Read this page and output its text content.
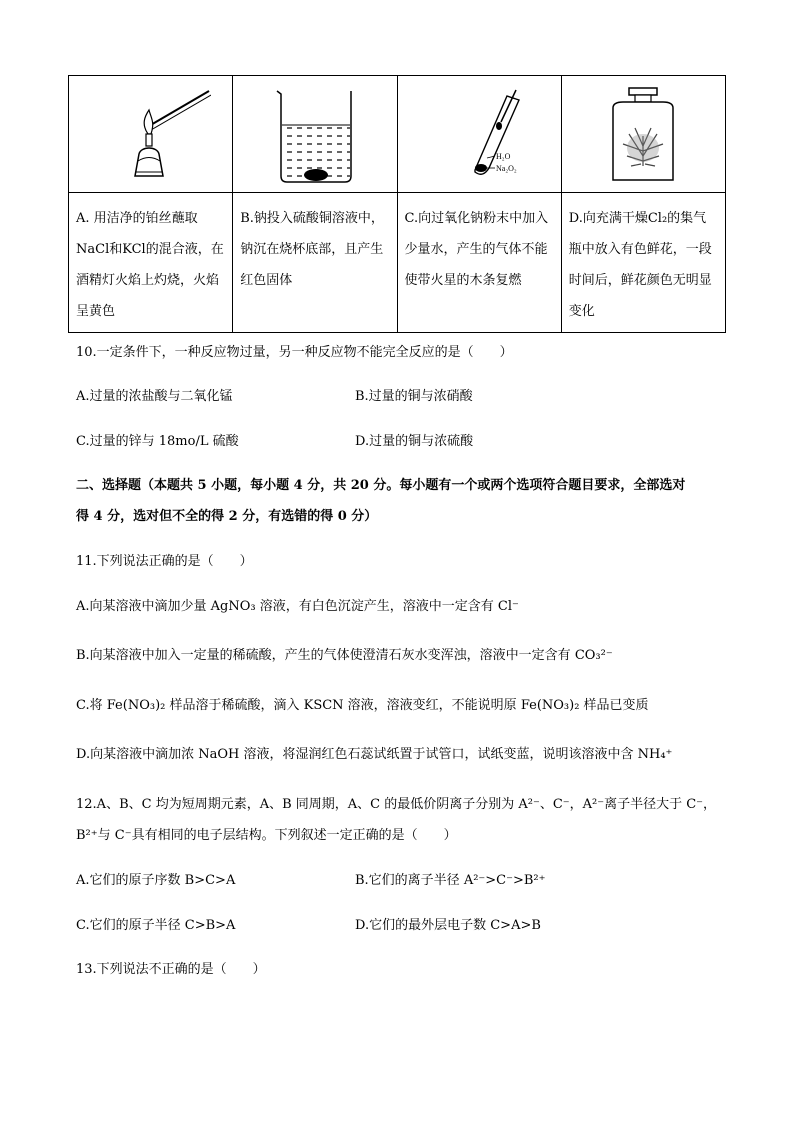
H₂O
Na₂O₂

A. 用洁净的铂丝蘸取NaCl和KCl的混合液，在酒精灯火焰上灼烧，火焰呈黄色	B.钠投入硫酸铜溶液中，钠沉在烧杯底部，且产生红色固体	C.向过氧化钠粉末中加入少量水，产生的气体不能使带火星的木条复燃	D.向充满干燥Cl₂的集气瓶中放入有色鲜花，一段时间后，鲜花颜色无明显变化
10.一定条件下，一种反应物过量，另一种反应物不能完全反应的是（　　）
A.过量的浓盐酸与二氧化锰	B.过量的铜与浓硝酸
C.过量的锌与 18mo/L 硫酸	D.过量的铜与浓硫酸
二、选择题（本题共 5 小题，每小题 4 分，共 20 分。每小题有一个或两个选项符合题目要求，全部选对
得 4 分，选对但不全的得 2 分，有选错的得 0 分）
11.下列说法正确的是（　　）
A.向某溶液中滴加少量 AgNO₃ 溶液，有白色沉淀产生，溶液中一定含有 Cl⁻
B.向某溶液中加入一定量的稀硫酸，产生的气体使澄清石灰水变浑浊，溶液中一定含有 CO₃²⁻
C.将 Fe(NO₃)₂ 样品溶于稀硫酸，滴入 KSCN 溶液，溶液变红，不能说明原 Fe(NO₃)₂ 样品已变质
D.向某溶液中滴加浓 NaOH 溶液，将湿润红色石蕊试纸置于试管口，试纸变蓝，说明该溶液中含 NH₄⁺
12.A、B、C 均为短周期元素，A、B 同周期，A、C 的最低价阴离子分别为 A²⁻、C⁻，A²⁻离子半径大于 C⁻，
B²⁺与 C⁻具有相同的电子层结构。下列叙述一定正确的是（　　）
A.它们的原子序数 B>C>A	B.它们的离子半径 A²⁻>C⁻>B²⁺
C.它们的原子半径 C>B>A	D.它们的最外层电子数 C>A>B
13.下列说法不正确的是（　　）
